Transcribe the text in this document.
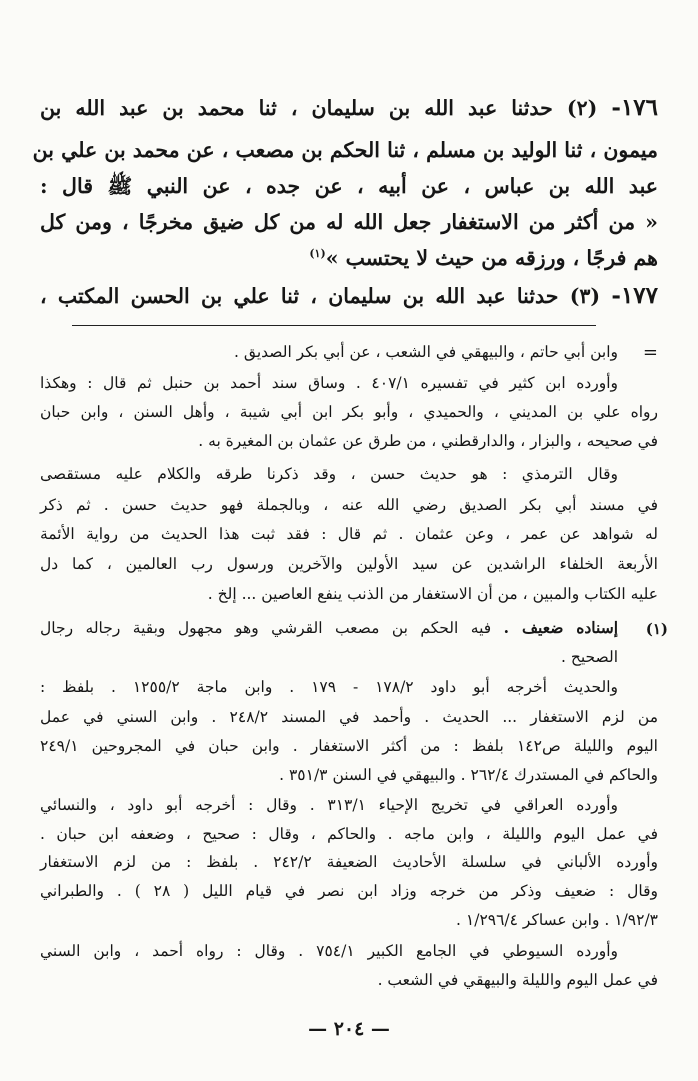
١٧٦- (٢) حدثنا عبد الله بن سليمان ، ثنا محمد بن عبد الله بن
ميمون ، ثنا الوليد بن مسلم ، ثنا الحكم بن مصعب ، عن محمد بن علي بن
عبد الله بن عباس ، عن أبيه ، عن جده ، عن النبي ﷺ قال :
« من أكثر من الاستغفار جعل الله له من كل ضيق مخرجًا ، ومن كل
هم فرجًا ، ورزقه من حيث لا يحتسب »$^{(١)}$
١٧٧- (٣) حدثنا عبد الله بن سليمان ، ثنا علي بن الحسن المكتب ،
=
وابن أبي حاتم ، والبيهقي في الشعب ، عن أبي بكر الصديق .
وأورده ابن كثير في تفسيره ٤٠٧/١ . وساق سند أحمد بن حنبل ثم قال : وهكذا
رواه علي بن المديني ، والحميدي ، وأبو بكر ابن أبي شيبة ، وأهل السنن ، وابن حبان
في صحيحه ، والبزار ، والدارقطني ، من طرق عن عثمان بن المغيرة به .
وقال الترمذي : هو حديث حسن ، وقد ذكرنا طرقه والكلام عليه مستقصى
في مسند أبي بكر الصديق رضي الله عنه ، وبالجملة فهو حديث حسن . ثم ذكر
له شواهد عن عمر ، وعن عثمان . ثم قال : فقد ثبت هذا الحديث من رواية الأئمة
الأربعة الخلفاء الراشدين عن سيد الأولين والآخرين ورسول رب العالمين ، كما دل
عليه الكتاب والمبين ، من أن الاستغفار من الذنب ينفع العاصين ... إلخ .
(١)
إسناده ضعيف . فيه الحكم بن مصعب القرشي وهو مجهول وبقية رجاله رجال
الصحيح .
والحديث أخرجه أبو داود ١٧٨/٢ - ١٧٩ . وابن ماجة ١٢٥٥/٢ . بلفظ :
من لزم الاستغفار ... الحديث . وأحمد في المسند ٢٤٨/٢ . وابن السني في عمل
اليوم والليلة ص١٤٢ بلفظ : من أكثر الاستغفار . وابن حبان في المجروحين ٢٤٩/١
والحاكم في المستدرك ٢٦٢/٤ . والبيهقي في السنن ٣٥١/٣ .
وأورده العراقي في تخريج الإحياء ٣١٣/١ . وقال : أخرجه أبو داود ، والنسائي
في عمل اليوم والليلة ، وابن ماجه . والحاكم ، وقال : صحيح ، وضعفه ابن حبان .
وأورده الألباني في سلسلة الأحاديث الضعيفة ٢٤٢/٢ . بلفظ : من لزم الاستغفار
وقال : ضعيف وذكر من خرجه وزاد ابن نصر في قيام الليل ( ٢٨ ) . والطبراني
١/٩٢/٣ . وابن عساكر ١/٢٩٦/٤ .
وأورده السيوطي في الجامع الكبير ٧٥٤/١ . وقال : رواه أحمد ، وابن السني
في عمل اليوم والليلة والبيهقي في الشعب .
— ٢٠٤ —
